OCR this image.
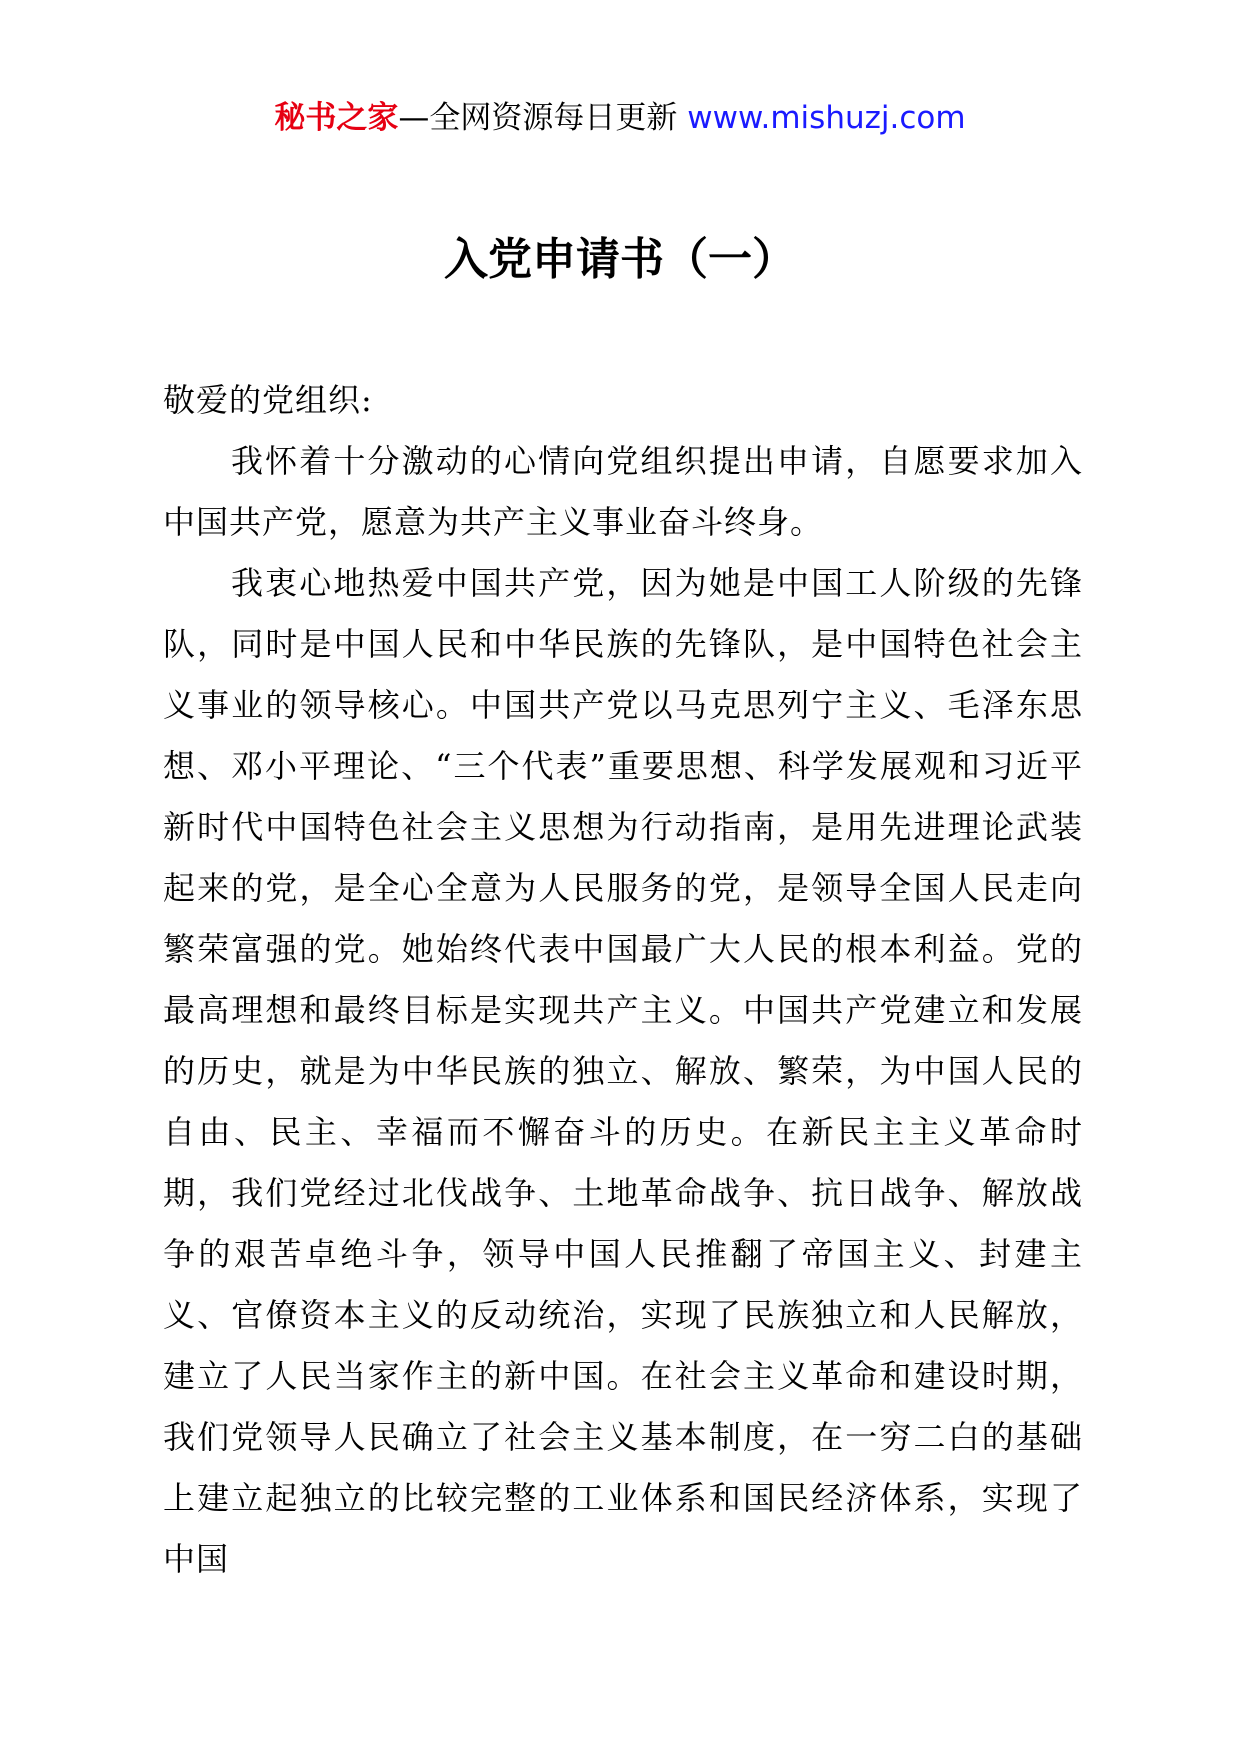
秘书之家—全网资源每日更新 www.mishuzj.com
入党申请书（一）

敬爱的党组织:

我怀着十分激动的心情向党组织提出申请，自愿要求加入中国共产党，愿意为共产主义事业奋斗终身。

我衷心地热爱中国共产党，因为她是中国工人阶级的先锋队，同时是中国人民和中华民族的先锋队，是中国特色社会主义事业的领导核心。中国共产党以马克思列宁主义、毛泽东思想、邓小平理论、“三个代表”重要思想、科学发展观和习近平新时代中国特色社会主义思想为行动指南，是用先进理论武装起来的党，是全心全意为人民服务的党，是领导全国人民走向繁荣富强的党。她始终代表中国最广大人民的根本利益。党的最高理想和最终目标是实现共产主义。中国共产党建立和发展的历史，就是为中华民族的独立、解放、繁荣，为中国人民的自由、民主、幸福而不懈奋斗的历史。在新民主主义革命时期，我们党经过北伐战争、土地革命战争、抗日战争、解放战争的艰苦卓绝斗争，领导中国人民推翻了帝国主义、封建主义、官僚资本主义的反动统治，实现了民族独立和人民解放，建立了人民当家作主的新中国。在社会主义革命和建设时期，我们党领导人民确立了社会主义基本制度，在一穷二白的基础上建立起独立的比较完整的工业体系和国民经济体系，实现了中国
